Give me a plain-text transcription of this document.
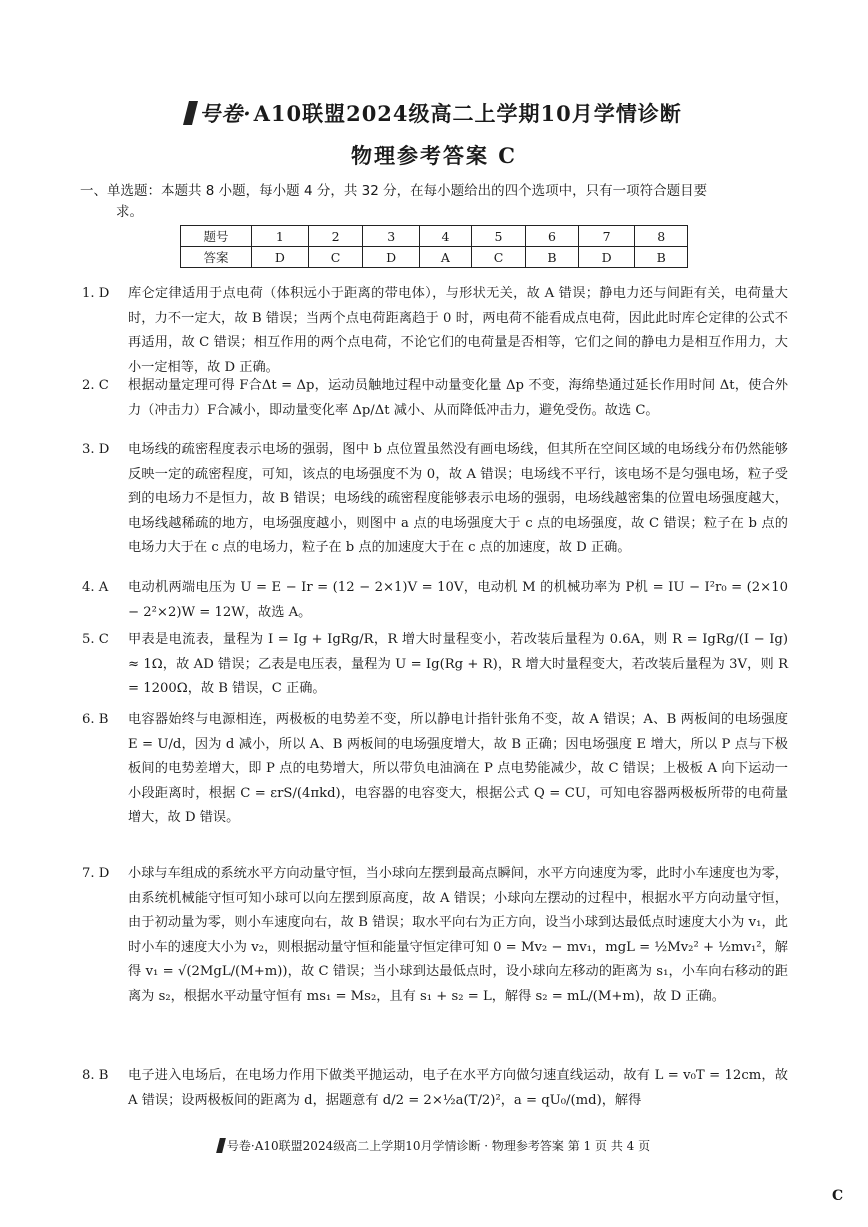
号卷·A10联盟2024级高二上学期10月学情诊断
物理参考答案 C
一、单选题：本题共 8 小题，每小题 4 分，共 32 分，在每小题给出的四个选项中，只有一项符合题目要
求。
题号	1	2	3	4	5	6	7	8
答案	D	C	D	A	C	B	D	B
1. D 库仑定律适用于点电荷（体积远小于距离的带电体），与形状无关，故 A 错误；静电力还与间距有关，电荷量大时，力不一定大，故 B 错误；当两个点电荷距离趋于 0 时，两电荷不能看成点电荷，因此此时库仑定律的公式不再适用，故 C 错误；相互作用的两个点电荷，不论它们的电荷量是否相等，它们之间的静电力是相互作用力，大小一定相等，故 D 正确。
2. C 根据动量定理可得 F合Δt = Δp，运动员触地过程中动量变化量 Δp 不变，海绵垫通过延长作用时间 Δt，使合外力（冲击力）F合减小，即动量变化率 Δp/Δt 减小、从而降低冲击力，避免受伤。故选 C。
3. D 电场线的疏密程度表示电场的强弱，图中 b 点位置虽然没有画电场线，但其所在空间区域的电场线分布仍然能够反映一定的疏密程度，可知，该点的电场强度不为 0，故 A 错误；电场线不平行，该电场不是匀强电场，粒子受到的电场力不是恒力，故 B 错误；电场线的疏密程度能够表示电场的强弱，电场线越密集的位置电场强度越大，电场线越稀疏的地方，电场强度越小，则图中 a 点的电场强度大于 c 点的电场强度，故 C 错误；粒子在 b 点的电场力大于在 c 点的电场力，粒子在 b 点的加速度大于在 c 点的加速度，故 D 正确。
4. A 电动机两端电压为 U = E − Ir = (12 − 2×1)V = 10V，电动机 M 的机械功率为 P机 = IU − I²r₀ = (2×10 − 2²×2)W = 12W，故选 A。
5. C 甲表是电流表，量程为 I = Ig + IgRg/R，R 增大时量程变小，若改装后量程为 0.6A，则 R = IgRg/(I − Ig) ≈ 1Ω，故 AD 错误；乙表是电压表，量程为 U = Ig(Rg + R)，R 增大时量程变大，若改装后量程为 3V，则 R = 1200Ω，故 B 错误，C 正确。
6. B 电容器始终与电源相连，两极板的电势差不变，所以静电计指针张角不变，故 A 错误；A、B 两板间的电场强度 E = U/d，因为 d 减小，所以 A、B 两板间的电场强度增大，故 B 正确；因电场强度 E 增大，所以 P 点与下极板间的电势差增大，即 P 点的电势增大，所以带负电油滴在 P 点电势能减少，故 C 错误；上极板 A 向下运动一小段距离时，根据 C = εrS/(4πkd)，电容器的电容变大，根据公式 Q = CU，可知电容器两极板所带的电荷量增大，故 D 错误。
7. D 小球与车组成的系统水平方向动量守恒，当小球向左摆到最高点瞬间，水平方向速度为零，此时小车速度也为零，由系统机械能守恒可知小球可以向左摆到原高度，故 A 错误；小球向左摆动的过程中，根据水平方向动量守恒，由于初动量为零，则小车速度向右，故 B 错误；取水平向右为正方向，设当小球到达最低点时速度大小为 v₁，此时小车的速度大小为 v₂，则根据动量守恒和能量守恒定律可知 0 = Mv₂ − mv₁，mgL = ½Mv₂² + ½mv₁²，解得 v₁ = √(2MgL/(M+m))，故 C 错误；当小球到达最低点时，设小球向左移动的距离为 s₁，小车向右移动的距离为 s₂，根据水平动量守恒有 ms₁ = Ms₂，且有 s₁ + s₂ = L，解得 s₂ = mL/(M+m)，故 D 正确。
8. B 电子进入电场后，在电场力作用下做类平抛运动，电子在水平方向做匀速直线运动，故有 L = v₀T = 12cm，故 A 错误；设两极板间的距离为 d，据题意有 d/2 = 2×½a(T/2)²，a = qU₀/(md)，解得
号卷·A10联盟2024级高二上学期10月学情诊断 · 物理参考答案 第 1 页 共 4 页
C
